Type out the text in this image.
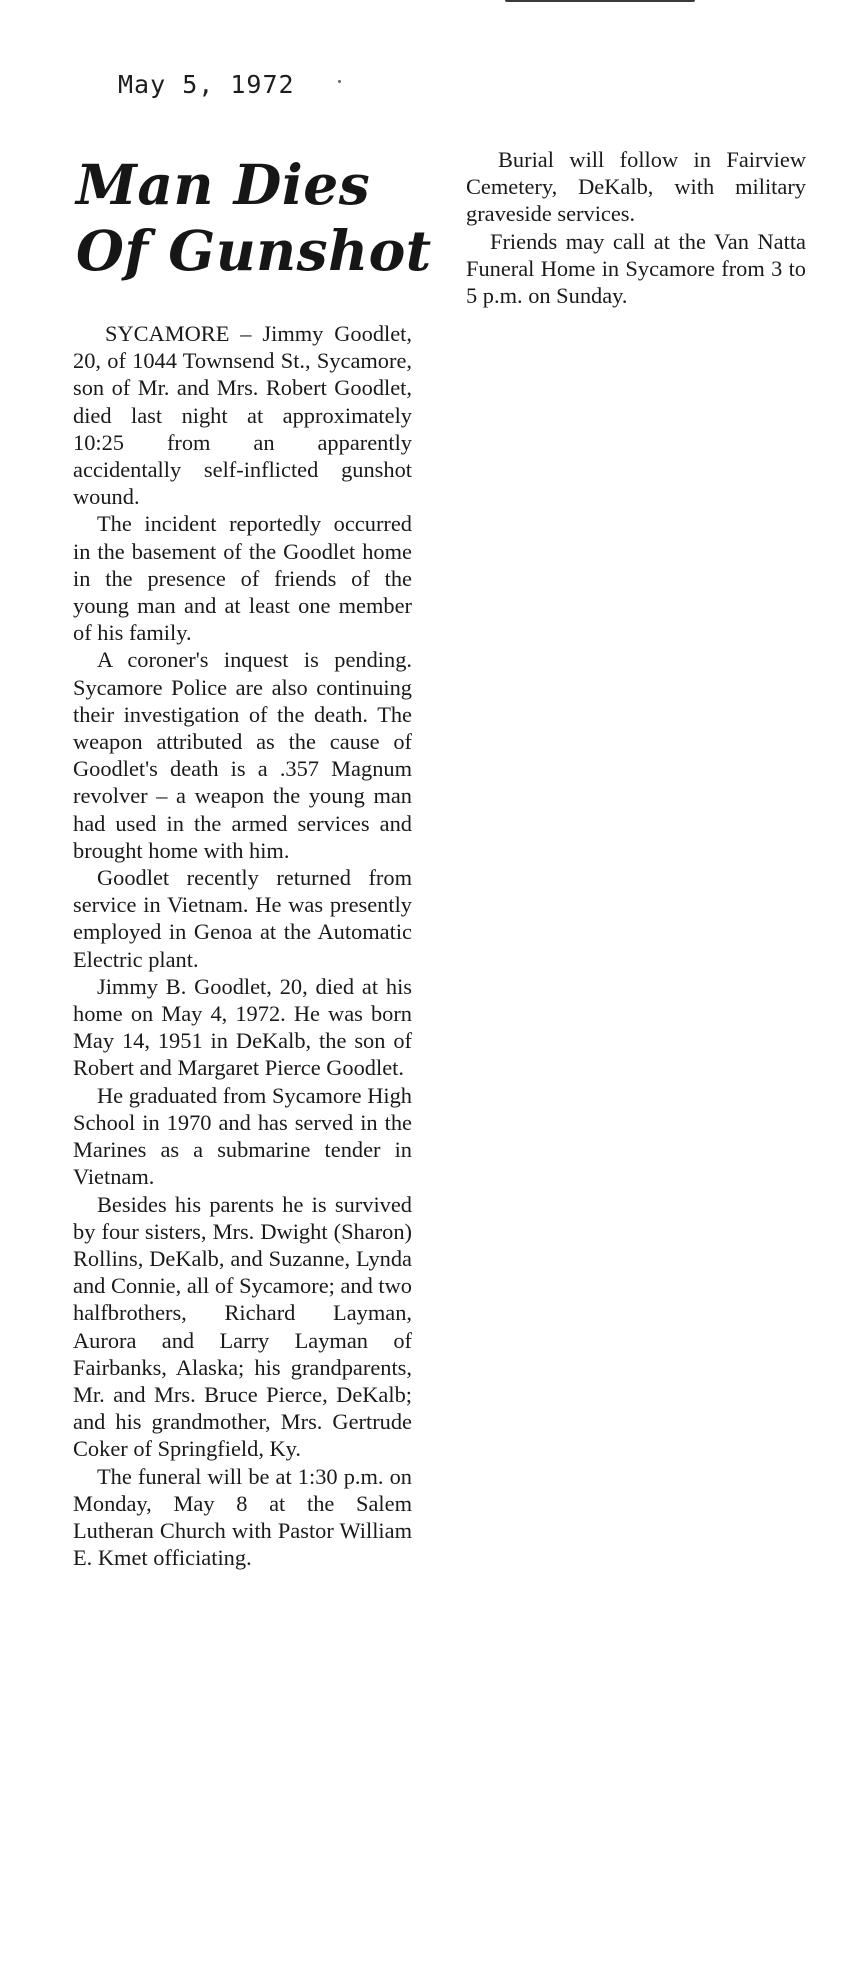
May 5, 1972
Man Dies Of Gunshot

SYCAMORE – Jimmy Goodlet, 20, of 1044 Townsend St., Sycamore, son of Mr. and Mrs. Robert Goodlet, died last night at approximately 10:25 from an apparently accidentally self-inflicted gunshot wound.

The incident reportedly occurred in the basement of the Goodlet home in the presence of friends of the young man and at least one member of his family.

A coroner's inquest is pending. Sycamore Police are also continuing their investigation of the death. The weapon attributed as the cause of Goodlet's death is a .357 Magnum revolver – a weapon the young man had used in the armed services and brought home with him.

Goodlet recently returned from service in Vietnam. He was presently employed in Genoa at the Automatic Electric plant.

Jimmy B. Goodlet, 20, died at his home on May 4, 1972. He was born May 14, 1951 in DeKalb, the son of Robert and Margaret Pierce Goodlet.

He graduated from Sycamore High School in 1970 and has served in the Marines as a submarine tender in Vietnam.

Besides his parents he is survived by four sisters, Mrs. Dwight (Sharon) Rollins, DeKalb, and Suzanne, Lynda and Connie, all of Sycamore; and two halfbrothers, Richard Layman, Aurora and Larry Layman of Fairbanks, Alaska; his grandparents, Mr. and Mrs. Bruce Pierce, DeKalb; and his grandmother, Mrs. Gertrude Coker of Springfield, Ky.

The funeral will be at 1:30 p.m. on Monday, May 8 at the Salem Lutheran Church with Pastor William E. Kmet officiating.

Burial will follow in Fairview Cemetery, DeKalb, with military graveside services.

Friends may call at the Van Natta Funeral Home in Sycamore from 3 to 5 p.m. on Sunday.
